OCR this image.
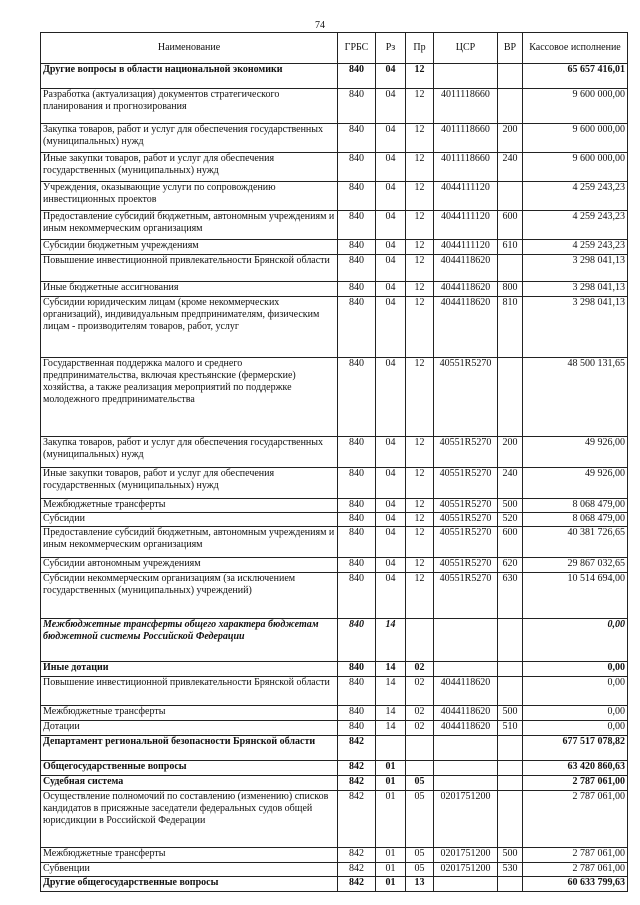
74
Наименование	ГРБС	Рз	Пр	ЦСР	ВР	Кассовое исполнение
Другие вопросы в области национальной экономики	840	04	12			65 657 416,01
Разработка (актуализация) документов стратегического планирования и прогнозирования	840	04	12	4011118660		9 600 000,00
Закупка товаров, работ и услуг для обеспечения государственных (муниципальных) нужд	840	04	12	4011118660	200	9 600 000,00
Иные закупки товаров, работ и услуг для обеспечения государственных (муниципальных) нужд	840	04	12	4011118660	240	9 600 000,00
Учреждения, оказывающие услуги по сопровождению инвестиционных проектов	840	04	12	4044111120		4 259 243,23
Предоставление субсидий бюджетным, автономным учреждениям и иным некоммерческим организациям	840	04	12	4044111120	600	4 259 243,23
Субсидии бюджетным учреждениям	840	04	12	4044111120	610	4 259 243,23
Повышение инвестиционной привлекательности Брянской области	840	04	12	4044118620		3 298 041,13
Иные бюджетные ассигнования	840	04	12	4044118620	800	3 298 041,13
Субсидии юридическим лицам (кроме некоммерческих организаций), индивидуальным предпринимателям, физическим лицам - производителям товаров, работ, услуг	840	04	12	4044118620	810	3 298 041,13
Государственная поддержка малого и среднего предпринимательства, включая крестьянские (фермерские) хозяйства, а также реализация мероприятий по поддержке молодежного предпринимательства	840	04	12	40551R5270		48 500 131,65
Закупка товаров, работ и услуг для обеспечения государственных (муниципальных) нужд	840	04	12	40551R5270	200	49 926,00
Иные закупки товаров, работ и услуг для обеспечения государственных (муниципальных) нужд	840	04	12	40551R5270	240	49 926,00
Межбюджетные трансферты	840	04	12	40551R5270	500	8 068 479,00
Субсидии	840	04	12	40551R5270	520	8 068 479,00
Предоставление субсидий бюджетным, автономным учреждениям и иным некоммерческим организациям	840	04	12	40551R5270	600	40 381 726,65
Субсидии автономным учреждениям	840	04	12	40551R5270	620	29 867 032,65
Субсидии некоммерческим организациям (за исключением государственных (муниципальных) учреждений)	840	04	12	40551R5270	630	10 514 694,00
Межбюджетные трансферты общего характера бюджетам бюджетной системы Российской Федерации	840	14				0,00
Иные дотации	840	14	02			0,00
Повышение инвестиционной привлекательности Брянской области	840	14	02	4044118620		0,00
Межбюджетные трансферты	840	14	02	4044118620	500	0,00
Дотации	840	14	02	4044118620	510	0,00
Департамент региональной безопасности Брянской области	842					677 517 078,82
Общегосударственные вопросы	842	01				63 420 860,63
Судебная система	842	01	05			2 787 061,00
Осуществление полномочий по составлению (изменению) списков кандидатов в присяжные заседатели федеральных судов общей юрисдикции в Российской Федерации	842	01	05	0201751200		2 787 061,00
Межбюджетные трансферты	842	01	05	0201751200	500	2 787 061,00
Субвенции	842	01	05	0201751200	530	2 787 061,00
Другие общегосударственные вопросы	842	01	13			60 633 799,63
